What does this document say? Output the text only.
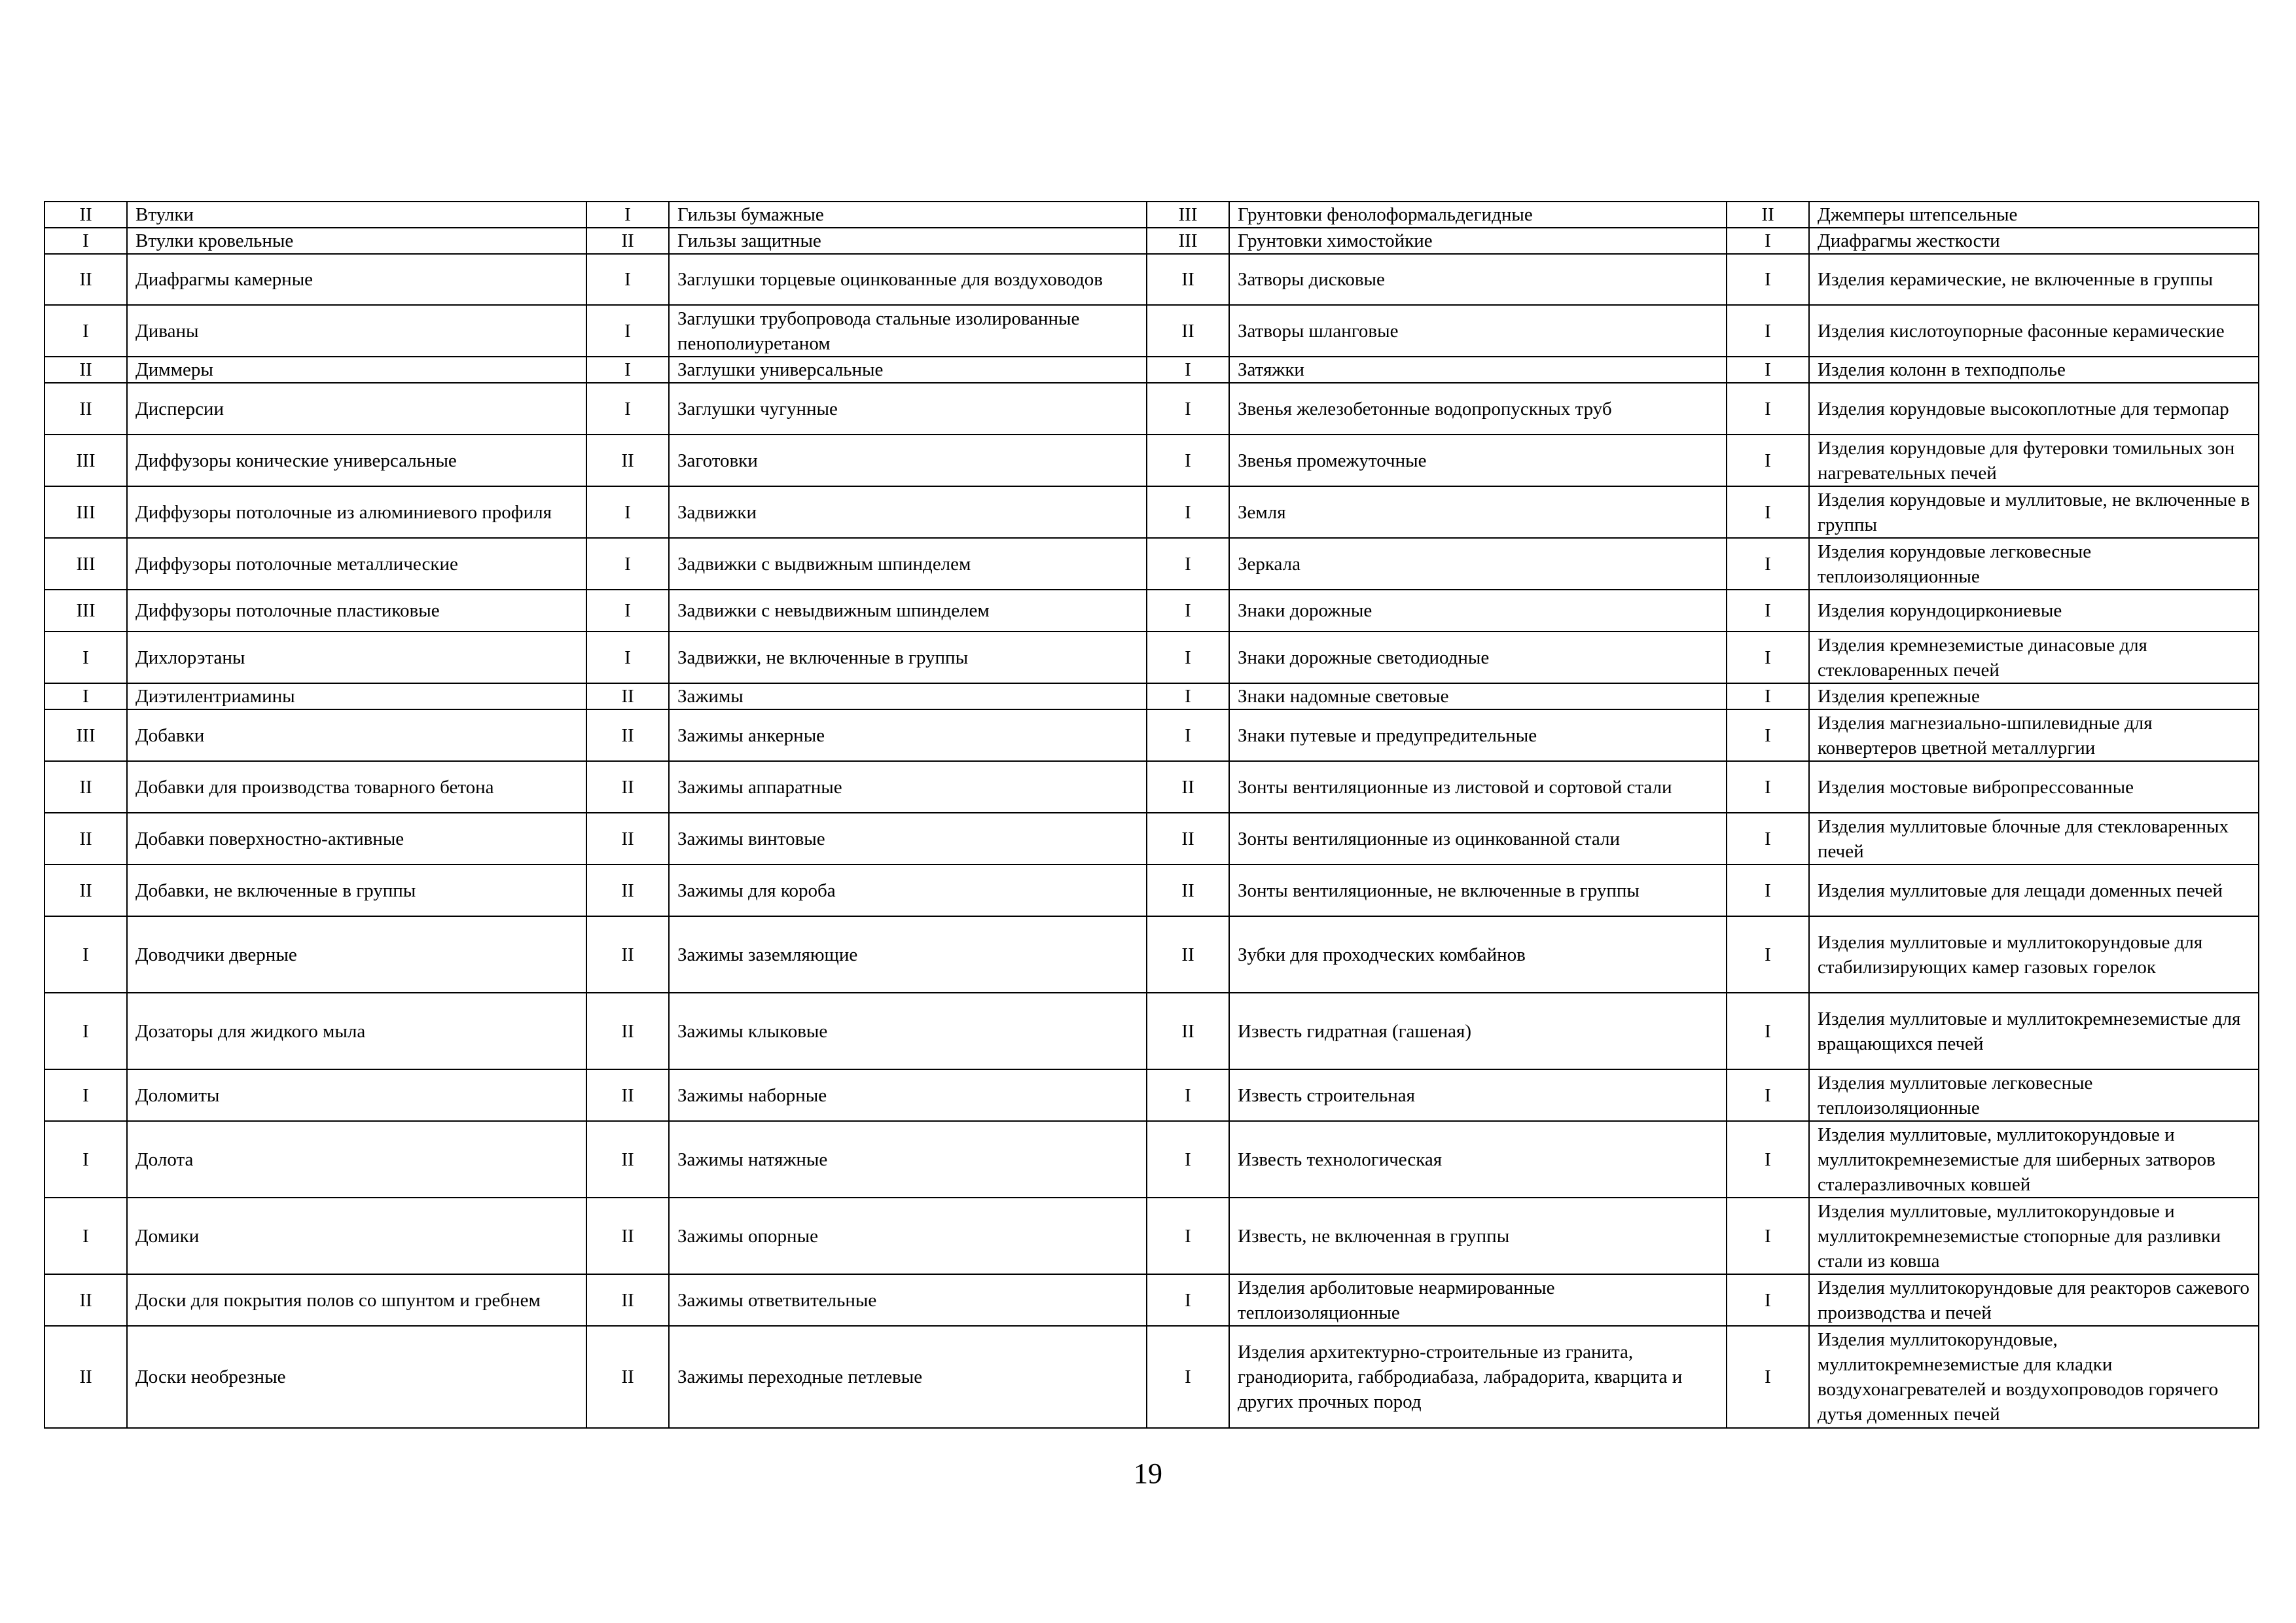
II	Втулки	I	Гильзы бумажные	III	Грунтовки фенолоформальдегидные	II	Джемперы штепсельные
I	Втулки кровельные	II	Гильзы защитные	III	Грунтовки химостойкие	I	Диафрагмы жесткости
II	Диафрагмы камерные	I	Заглушки торцевые оцинкованные для воздуховодов	II	Затворы дисковые	I	Изделия керамические, не включенные в группы
I	Диваны	I	Заглушки трубопровода стальные изолированные пенополиуретаном	II	Затворы шланговые	I	Изделия кислотоупорные фасонные керамические
II	Диммеры	I	Заглушки универсальные	I	Затяжки	I	Изделия колонн в техподполье
II	Дисперсии	I	Заглушки чугунные	I	Звенья железобетонные водопропускных труб	I	Изделия корундовые высокоплотные для термопар
III	Диффузоры конические универсальные	II	Заготовки	I	Звенья промежуточные	I	Изделия корундовые для футеровки томильных зон нагревательных печей
III	Диффузоры потолочные из алюминиевого профиля	I	Задвижки	I	Земля	I	Изделия корундовые и муллитовые, не включенные в группы
III	Диффузоры потолочные металлические	I	Задвижки с выдвижным шпинделем	I	Зеркала	I	Изделия корундовые легковесные теплоизоляционные
III	Диффузоры потолочные пластиковые	I	Задвижки с невыдвижным шпинделем	I	Знаки дорожные	I	Изделия корундоциркониевые
I	Дихлорэтаны	I	Задвижки, не включенные в группы	I	Знаки дорожные светодиодные	I	Изделия кремнеземистые динасовые для стекловаренных печей
I	Диэтилентриамины	II	Зажимы	I	Знаки надомные световые	I	Изделия крепежные
III	Добавки	II	Зажимы анкерные	I	Знаки путевые и предупредительные	I	Изделия магнезиально-шпилевидные для конвертеров цветной металлургии
II	Добавки для производства товарного бетона	II	Зажимы аппаратные	II	Зонты вентиляционные из листовой и сортовой стали	I	Изделия мостовые вибропрессованные
II	Добавки поверхностно-активные	II	Зажимы винтовые	II	Зонты вентиляционные из оцинкованной стали	I	Изделия муллитовые блочные для стекловаренных печей
II	Добавки, не включенные в группы	II	Зажимы для короба	II	Зонты вентиляционные, не включенные в группы	I	Изделия муллитовые для лещади доменных печей
I	Доводчики дверные	II	Зажимы заземляющие	II	Зубки для проходческих комбайнов	I	Изделия муллитовые и муллитокорундовые для стабилизирующих камер газовых горелок
I	Дозаторы для жидкого мыла	II	Зажимы клыковые	II	Известь гидратная (гашеная)	I	Изделия муллитовые и муллитокремнеземистые для вращающихся печей
I	Доломиты	II	Зажимы наборные	I	Известь строительная	I	Изделия муллитовые легковесные теплоизоляционные
I	Долота	II	Зажимы натяжные	I	Известь технологическая	I	Изделия муллитовые, муллитокорундовые и муллитокремнеземистые для шиберных затворов сталеразливочных ковшей
I	Домики	II	Зажимы опорные	I	Известь, не включенная в группы	I	Изделия муллитовые, муллитокорундовые и муллитокремнеземистые стопорные для разливки стали из ковша
II	Доски для покрытия полов со шпунтом и гребнем	II	Зажимы ответвительные	I	Изделия арболитовые неармированные теплоизоляционные	I	Изделия муллитокорундовые для реакторов сажевого производства и печей
II	Доски необрезные	II	Зажимы переходные петлевые	I	Изделия архитектурно-строительные из гранита, гранодиорита, габбродиабаза, лабрадорита, кварцита и других прочных пород	I	Изделия муллитокорундовые, муллитокремнеземистые для кладки воздухонагревателей и воздухопроводов горячего дутья доменных печей
19
